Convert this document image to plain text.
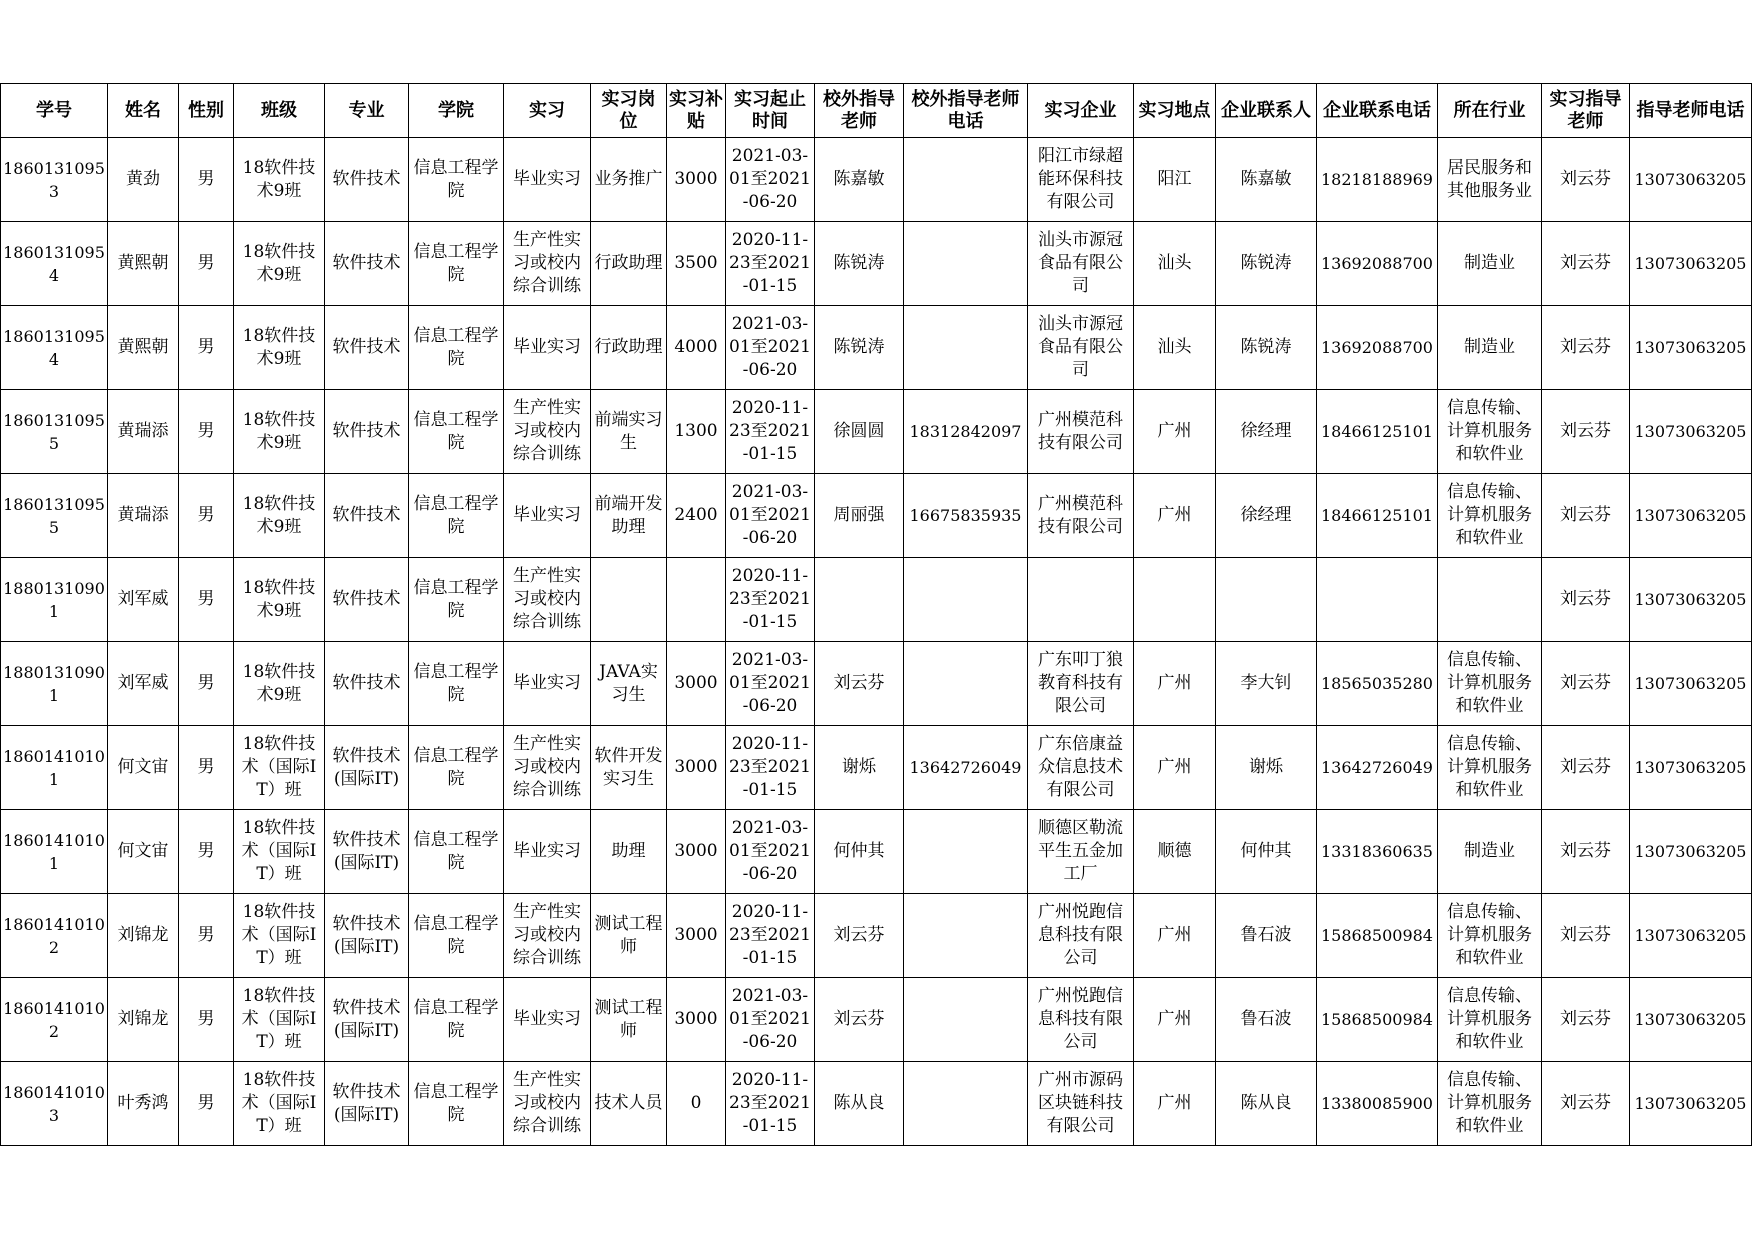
学号	姓名	性别	班级	专业	学院	实习	实习岗位	实习补贴	实习起止时间	校外指导老师	校外指导老师电话	实习企业	实习地点	企业联系人	企业联系电话	所在行业	实习指导老师	指导老师电话

18601310953	黄劲	男	18软件技术9班	软件技术	信息工程学院	毕业实习	业务推广	3000	2021-03-01至2021-06-20	陈嘉敏		阳江市绿超能环保科技有限公司	阳江	陈嘉敏	18218188969	居民服务和其他服务业	刘云芬	13073063205

18601310954	黄熙朝	男	18软件技术9班	软件技术	信息工程学院	生产性实习或校内综合训练	行政助理	3500	2020-11-23至2021-01-15	陈锐涛		汕头市源冠食品有限公司	汕头	陈锐涛	13692088700	制造业	刘云芬	13073063205

18601310954	黄熙朝	男	18软件技术9班	软件技术	信息工程学院	毕业实习	行政助理	4000	2021-03-01至2021-06-20	陈锐涛		汕头市源冠食品有限公司	汕头	陈锐涛	13692088700	制造业	刘云芬	13073063205

18601310955	黄瑞添	男	18软件技术9班	软件技术	信息工程学院	生产性实习或校内综合训练	前端实习生	1300	2020-11-23至2021-01-15	徐圆圆	18312842097	广州模范科技有限公司	广州	徐经理	18466125101	信息传输、计算机服务和软件业	刘云芬	13073063205

18601310955	黄瑞添	男	18软件技术9班	软件技术	信息工程学院	毕业实习	前端开发助理	2400	2021-03-01至2021-06-20	周丽强	16675835935	广州模范科技有限公司	广州	徐经理	18466125101	信息传输、计算机服务和软件业	刘云芬	13073063205

18801310901	刘军威	男	18软件技术9班	软件技术	信息工程学院	生产性实习或校内综合训练			2020-11-23至2021-01-15								刘云芬	13073063205

18801310901	刘军威	男	18软件技术9班	软件技术	信息工程学院	毕业实习	JAVA实习生	3000	2021-03-01至2021-06-20	刘云芬		广东叩丁狼教育科技有限公司	广州	李大钊	18565035280	信息传输、计算机服务和软件业	刘云芬	13073063205

18601410101	何文宙	男	18软件技术（国际IT）班	软件技术(国际IT)	信息工程学院	生产性实习或校内综合训练	软件开发实习生	3000	2020-11-23至2021-01-15	谢烁	13642726049	广东倍康益众信息技术有限公司	广州	谢烁	13642726049	信息传输、计算机服务和软件业	刘云芬	13073063205

18601410101	何文宙	男	18软件技术（国际IT）班	软件技术(国际IT)	信息工程学院	毕业实习	助理	3000	2021-03-01至2021-06-20	何仲其		顺德区勒流平生五金加工厂	顺德	何仲其	13318360635	制造业	刘云芬	13073063205

18601410102	刘锦龙	男	18软件技术（国际IT）班	软件技术(国际IT)	信息工程学院	生产性实习或校内综合训练	测试工程师	3000	2020-11-23至2021-01-15	刘云芬		广州悦跑信息科技有限公司	广州	鲁石波	15868500984	信息传输、计算机服务和软件业	刘云芬	13073063205

18601410102	刘锦龙	男	18软件技术（国际IT）班	软件技术(国际IT)	信息工程学院	毕业实习	测试工程师	3000	2021-03-01至2021-06-20	刘云芬		广州悦跑信息科技有限公司	广州	鲁石波	15868500984	信息传输、计算机服务和软件业	刘云芬	13073063205

18601410103	叶秀鸿	男	18软件技术（国际IT）班	软件技术(国际IT)	信息工程学院	生产性实习或校内综合训练	技术人员	0	2020-11-23至2021-01-15	陈从良		广州市源码区块链科技有限公司	广州	陈从良	13380085900	信息传输、计算机服务和软件业	刘云芬	13073063205
